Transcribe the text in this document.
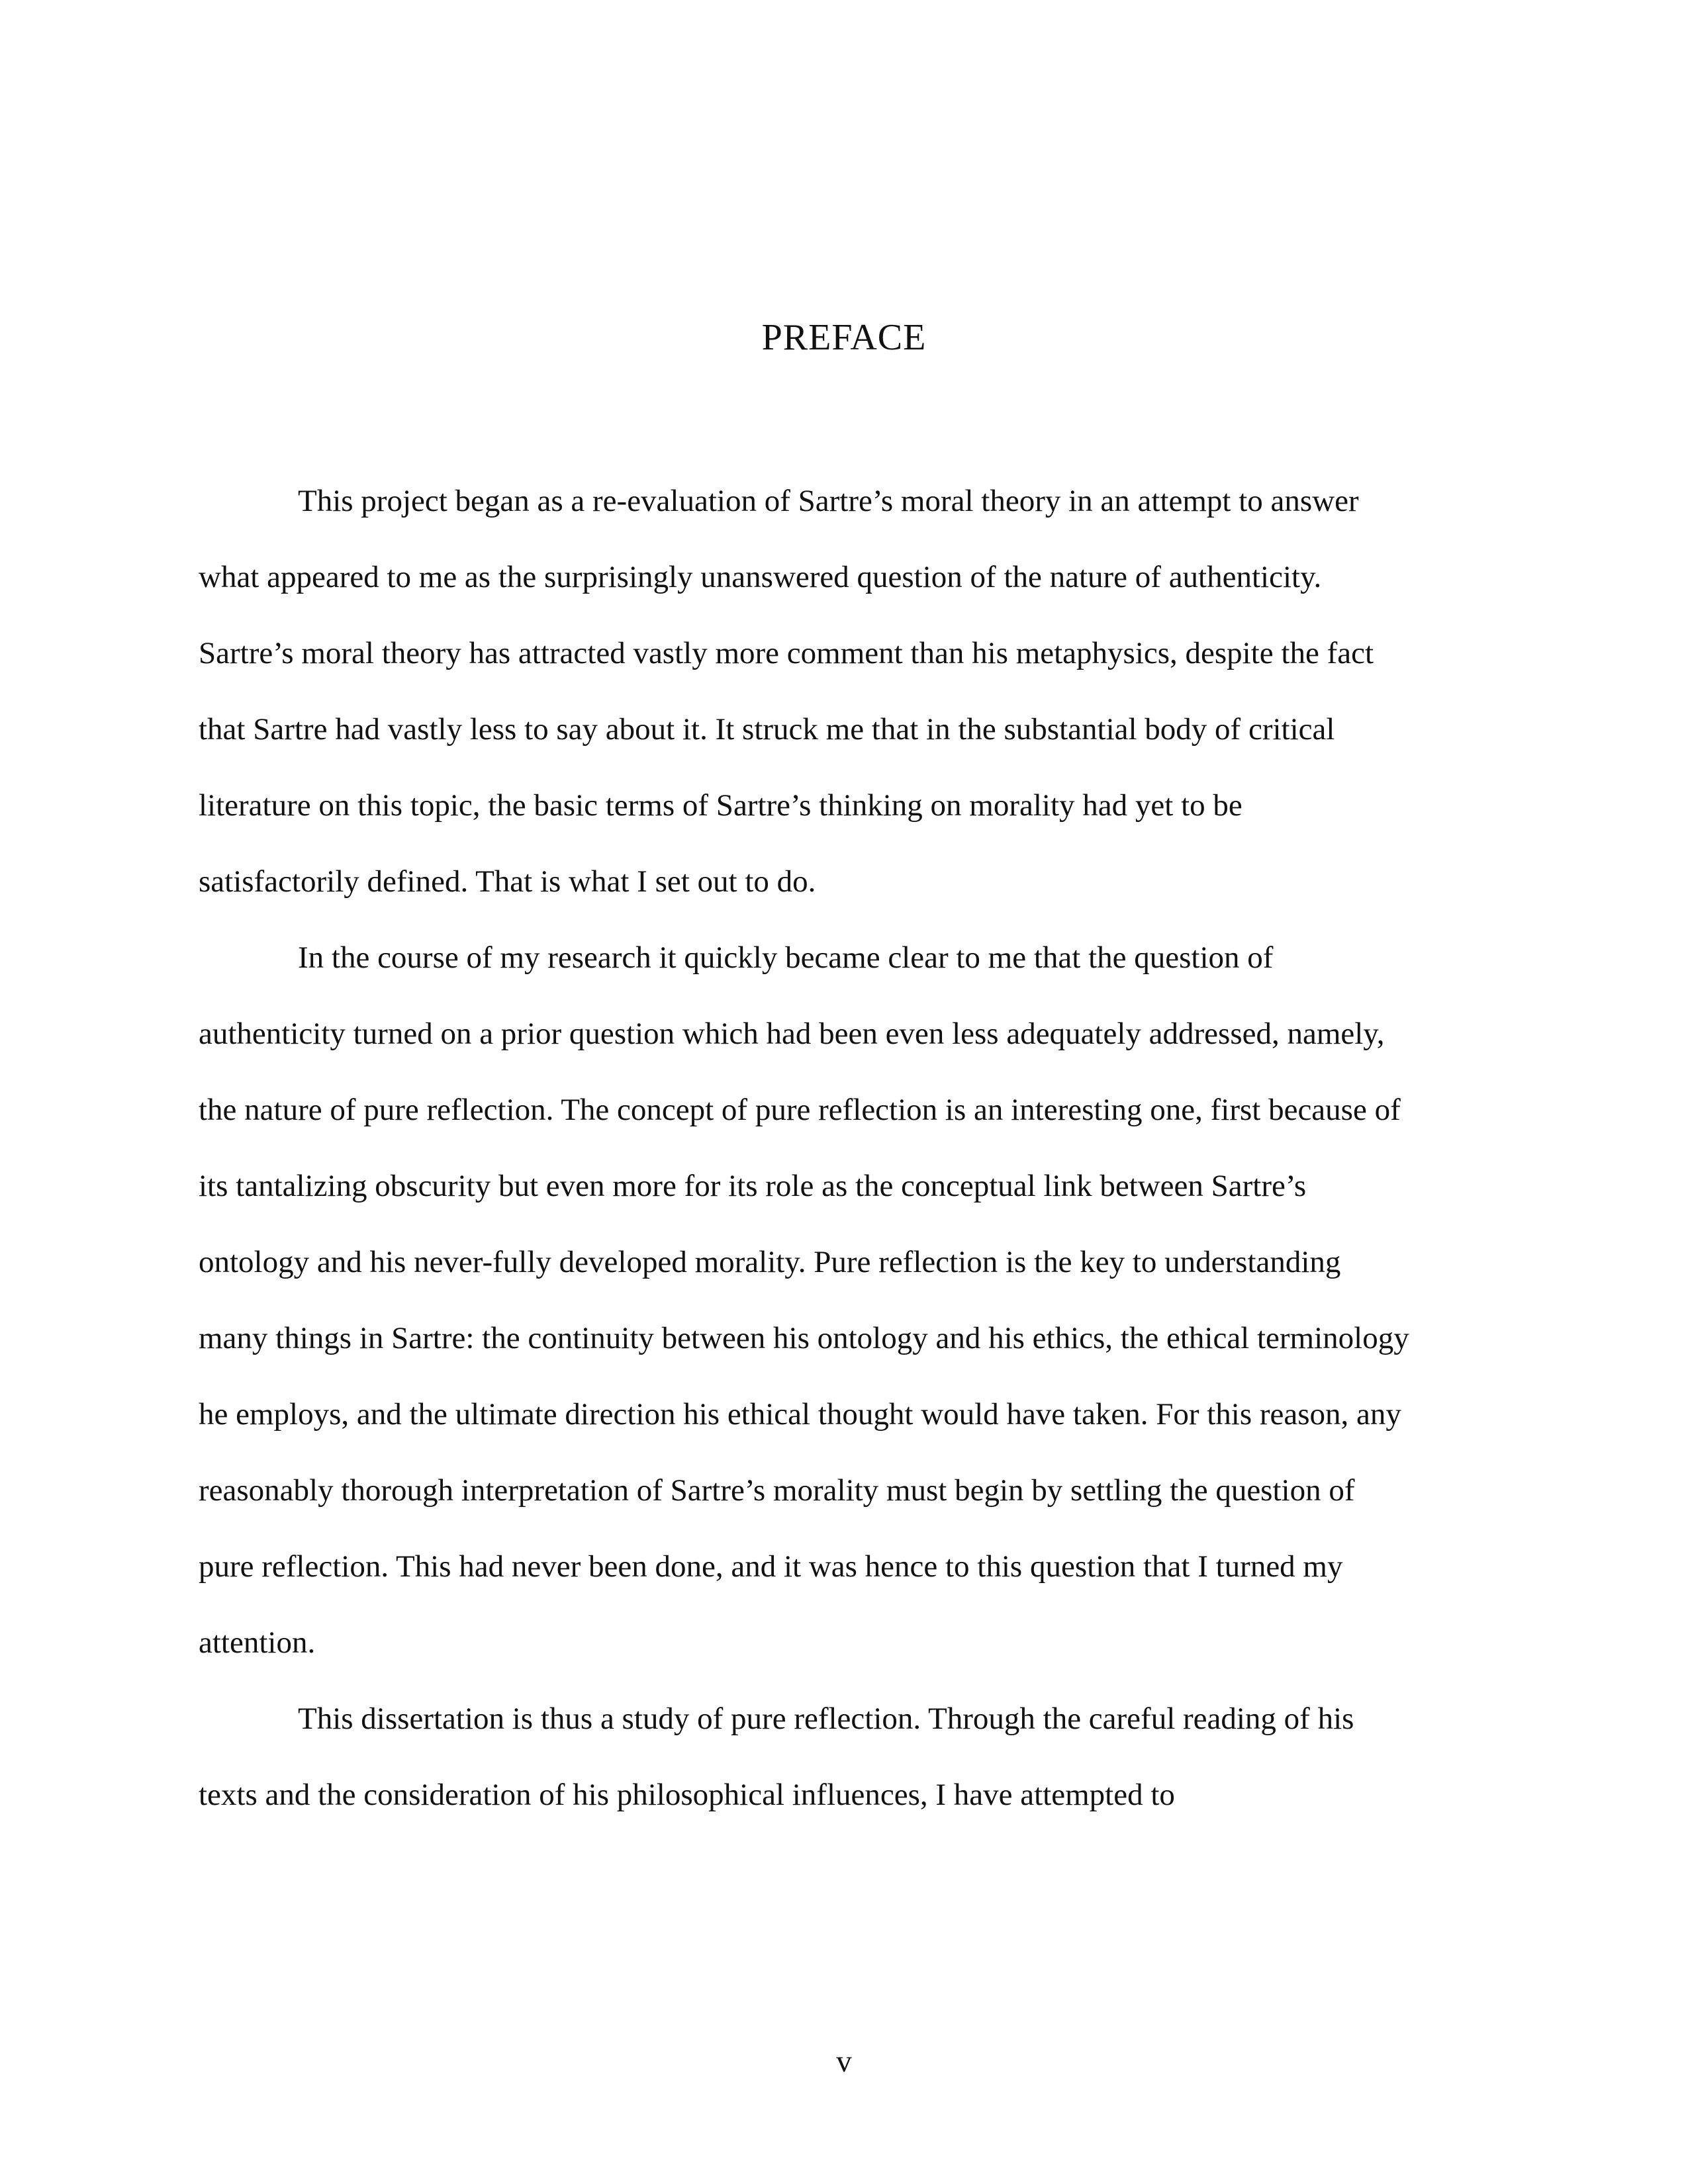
PREFACE
This project began as a re-evaluation of Sartre’s moral theory in an attempt to answer
what appeared to me as the surprisingly unanswered question of the nature of authenticity.
Sartre’s moral theory has attracted vastly more comment than his metaphysics, despite the fact
that Sartre had vastly less to say about it. It struck me that in the substantial body of critical
literature on this topic, the basic terms of Sartre’s thinking on morality had yet to be
satisfactorily defined. That is what I set out to do.
In the course of my research it quickly became clear to me that the question of
authenticity turned on a prior question which had been even less adequately addressed, namely,
the nature of pure reflection. The concept of pure reflection is an interesting one, first because of
its tantalizing obscurity but even more for its role as the conceptual link between Sartre’s
ontology and his never-fully developed morality. Pure reflection is the key to understanding
many things in Sartre: the continuity between his ontology and his ethics, the ethical terminology
he employs, and the ultimate direction his ethical thought would have taken. For this reason, any
reasonably thorough interpretation of Sartre’s morality must begin by settling the question of
pure reflection. This had never been done, and it was hence to this question that I turned my
attention.
This dissertation is thus a study of pure reflection. Through the careful reading of his
texts and the consideration of his philosophical influences, I have attempted to
v
